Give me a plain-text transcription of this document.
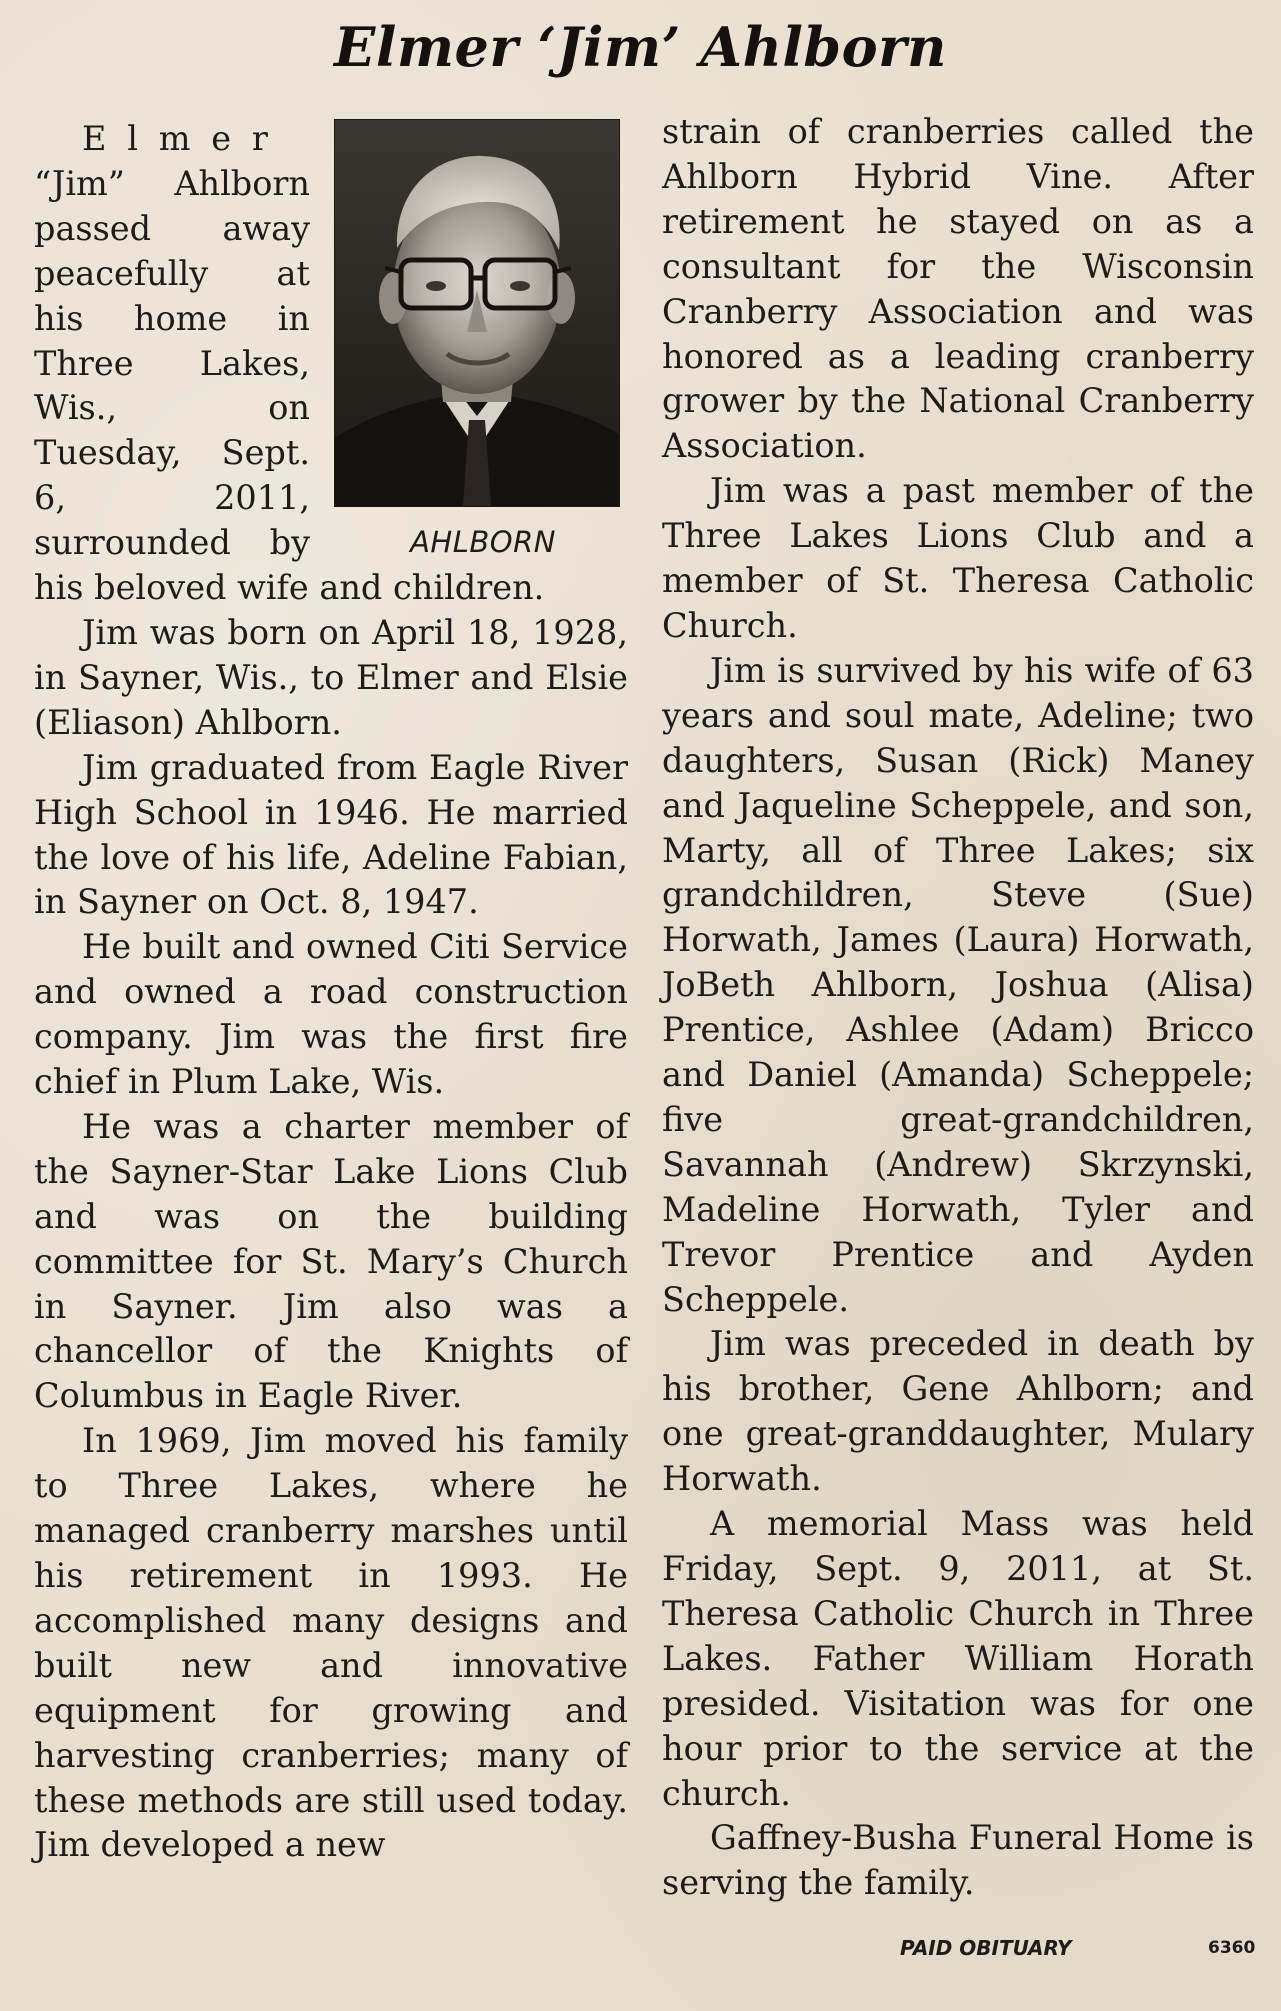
Elmer ‘Jim’ Ahlborn
AHLBORN

Elmer “Jim” Ahlborn passed away peacefully at his home in Three Lakes, Wis., on Tuesday, Sept. 6, 2011, surrounded by his beloved wife and children.

Jim was born on April 18, 1928, in Sayner, Wis., to Elmer and Elsie (Eliason) Ahlborn.

Jim graduated from Eagle River High School in 1946. He married the love of his life, Adeline Fabian, in Sayner on Oct. 8, 1947.

He built and owned Citi Service and owned a road construction company. Jim was the first fire chief in Plum Lake, Wis.

He was a charter member of the Sayner-Star Lake Lions Club and was on the building committee for St. Mary’s Church in Sayner. Jim also was a chancellor of the Knights of Columbus in Eagle River.

In 1969, Jim moved his family to Three Lakes, where he managed cranberry marshes until his retirement in 1993. He accomplished many designs and built new and innovative equipment for growing and harvesting cranberries; many of these methods are still used today. Jim developed a new

strain of cranberries called the Ahlborn Hybrid Vine. After retirement he stayed on as a consultant for the Wisconsin Cranberry Association and was honored as a leading cranberry grower by the National Cranberry Association.

Jim was a past member of the Three Lakes Lions Club and a member of St. Theresa Catholic Church.

Jim is survived by his wife of 63 years and soul mate, Adeline; two daughters, Susan (Rick) Maney and Jaqueline Scheppele, and son, Marty, all of Three Lakes; six grandchildren, Steve (Sue) Horwath, James (Laura) Horwath, JoBeth Ahlborn, Joshua (Alisa) Prentice, Ashlee (Adam) Bricco and Daniel (Amanda) Scheppele; five great-grandchildren, Savannah (Andrew) Skrzynski, Madeline Horwath, Tyler and Trevor Prentice and Ayden Scheppele.

Jim was preceded in death by his brother, Gene Ahlborn; and one great-granddaughter, Mulary Horwath.

A memorial Mass was held Friday, Sept. 9, 2011, at St. Theresa Catholic Church in Three Lakes. Father William Horath presided. Visitation was for one hour prior to the service at the church.

Gaffney-Busha Funeral Home is serving the family.

PAID OBITUARY	6360
